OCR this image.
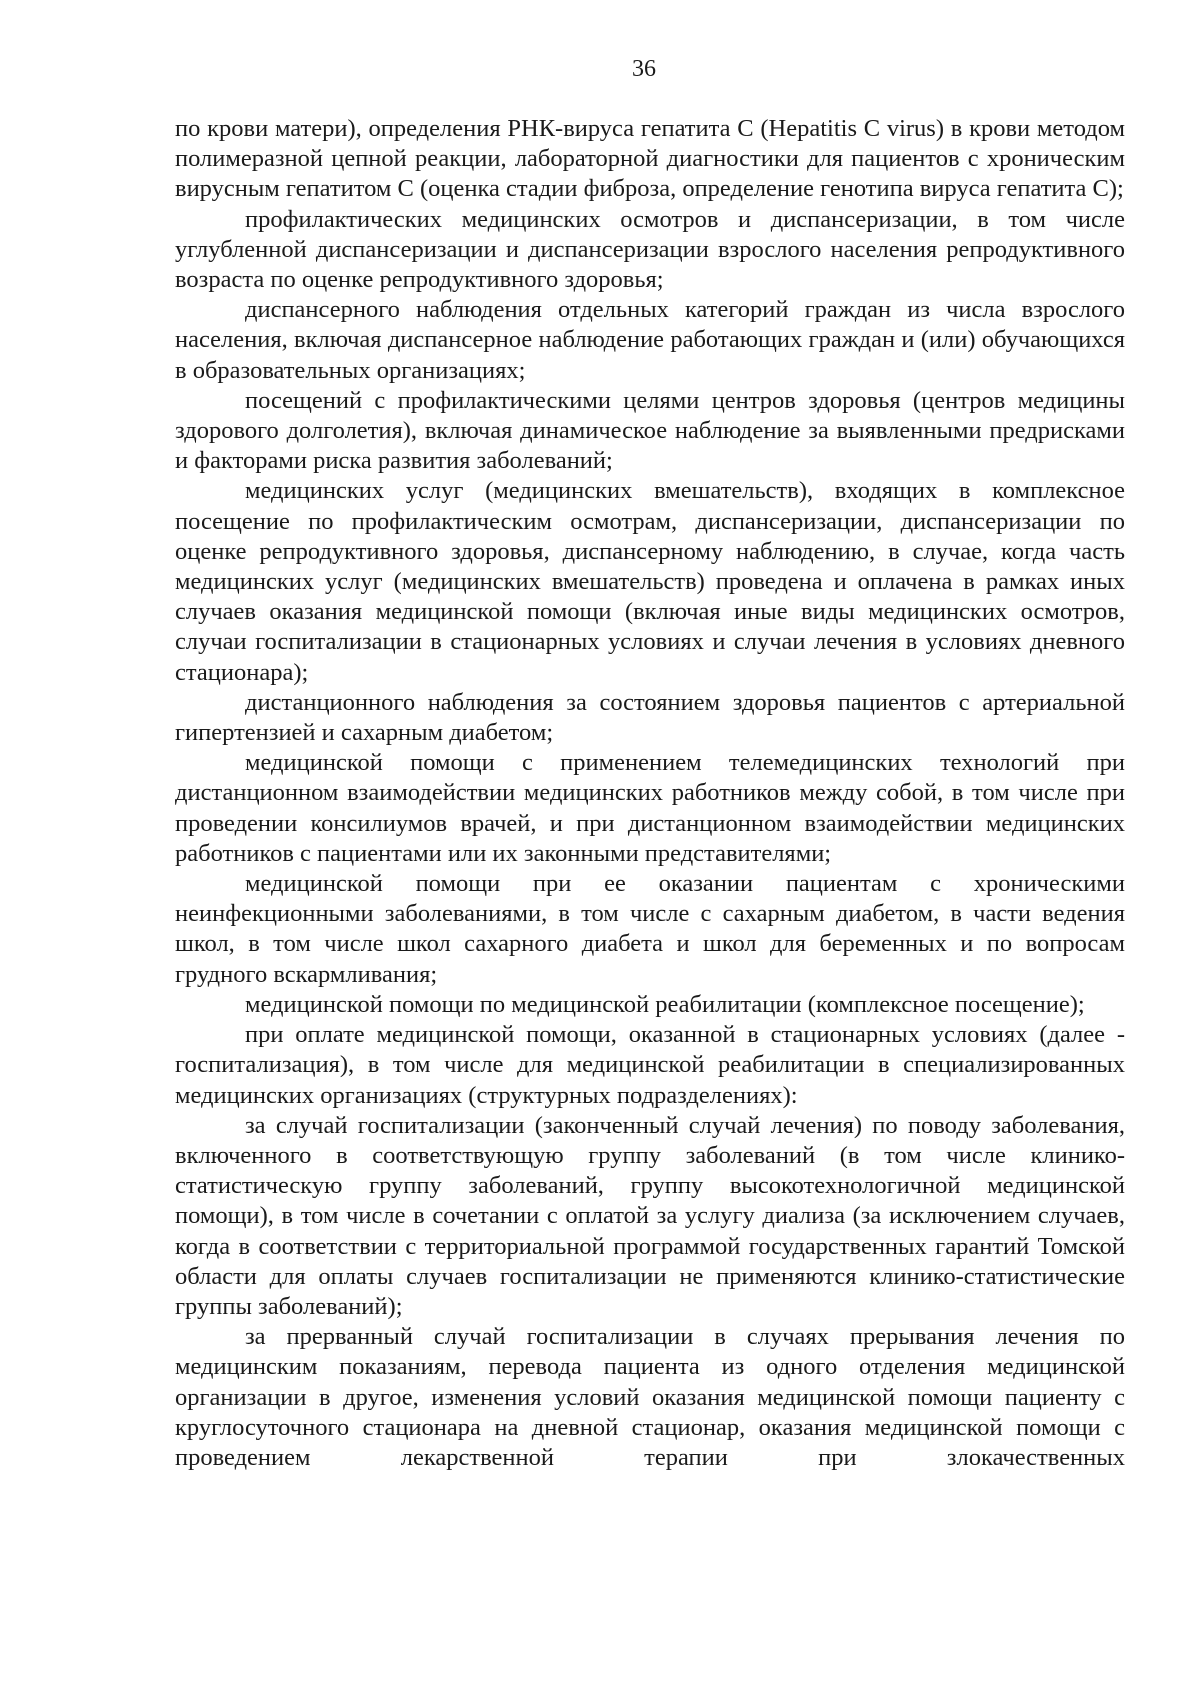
36

по крови матери), определения РНК-вируса гепатита С (Hepatitis C virus) в крови методом полимеразной цепной реакции, лабораторной диагностики для пациентов с хроническим вирусным гепатитом С (оценка стадии фиброза, определение генотипа вируса гепатита С);

профилактических медицинских осмотров и диспансеризации, в том числе углубленной диспансеризации и диспансеризации взрослого населения репродуктивного возраста по оценке репродуктивного здоровья;

диспансерного наблюдения отдельных категорий граждан из числа взрослого населения, включая диспансерное наблюдение работающих граждан и (или) обучающихся в образовательных организациях;

посещений с профилактическими целями центров здоровья (центров медицины здорового долголетия), включая динамическое наблюдение за выявленными предрисками и факторами риска развития заболеваний;

медицинских услуг (медицинских вмешательств), входящих в комплексное посещение по профилактическим осмотрам, диспансеризации, диспансеризации по оценке репродуктивного здоровья, диспансерному наблюдению, в случае, когда часть медицинских услуг (медицинских вмешательств) проведена и оплачена в рамках иных случаев оказания медицинской помощи (включая иные виды медицинских осмотров, случаи госпитализации в стационарных условиях и случаи лечения в условиях дневного стационара);

дистанционного наблюдения за состоянием здоровья пациентов с артериальной гипертензией и сахарным диабетом;

медицинской помощи с применением телемедицинских технологий при дистанционном взаимодействии медицинских работников между собой, в том числе при проведении консилиумов врачей, и при дистанционном взаимодействии медицинских работников с пациентами или их законными представителями;

медицинской помощи при ее оказании пациентам с хроническими неинфекционными заболеваниями, в том числе с сахарным диабетом, в части ведения школ, в том числе школ сахарного диабета и школ для беременных и по вопросам грудного вскармливания;

медицинской помощи по медицинской реабилитации (комплексное посещение);

при оплате медицинской помощи, оказанной в стационарных условиях (далее - госпитализация), в том числе для медицинской реабилитации в специализированных медицинских организациях (структурных подразделениях):

за случай госпитализации (законченный случай лечения) по поводу заболевания, включенного в соответствующую группу заболеваний (в том числе клинико-статистическую группу заболеваний, группу высокотехнологичной медицинской помощи), в том числе в сочетании с оплатой за услугу диализа (за исключением случаев, когда в соответствии с территориальной программой государственных гарантий Томской области для оплаты случаев госпитализации не применяются клинико-статистические группы заболеваний);

за прерванный случай госпитализации в случаях прерывания лечения по медицинским показаниям, перевода пациента из одного отделения медицинской организации в другое, изменения условий оказания медицинской помощи пациенту с круглосуточного стационара на дневной стационар, оказания медицинской помощи с проведением лекарственной терапии при злокачественных
